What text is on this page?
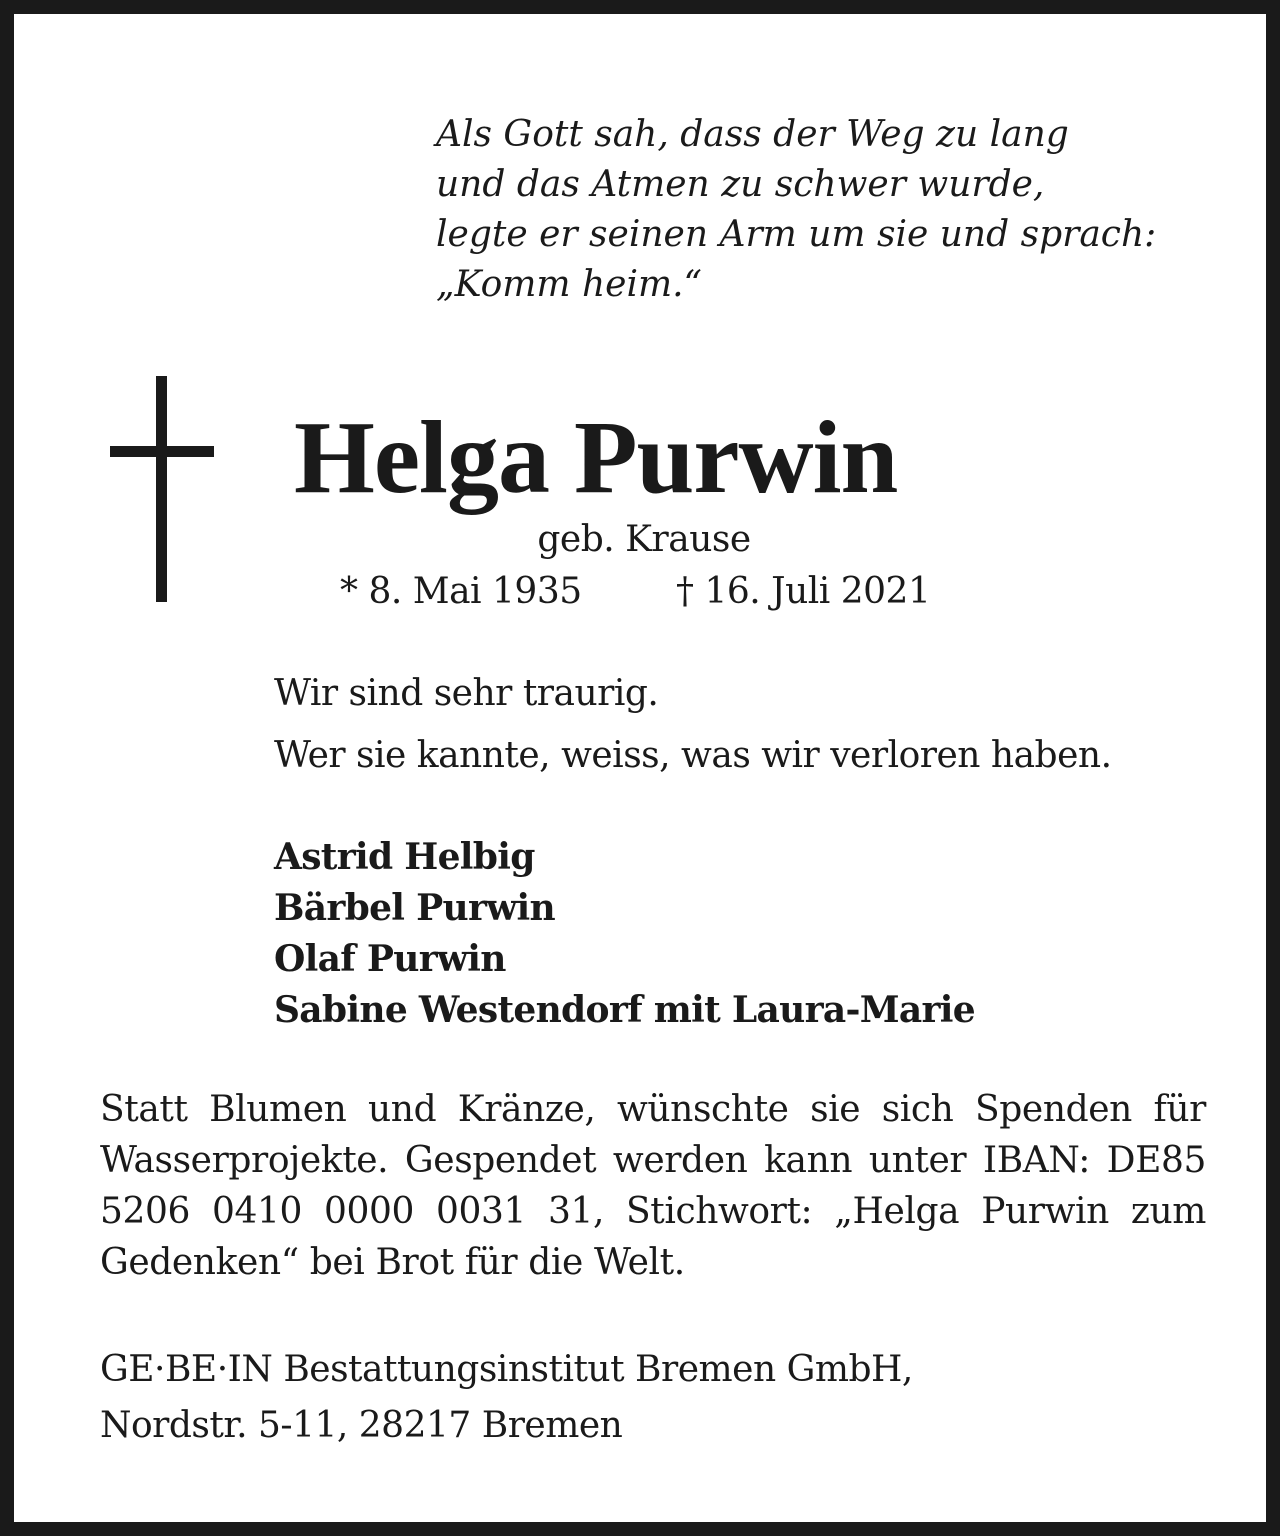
Als Gott sah, dass der Weg zu lang
und das Atmen zu schwer wurde,
legte er seinen Arm um sie und sprach:
„Komm heim.“
Helga Purwin
geb. Krause
* 8. Mai 1935	† 16. Juli 2021
Wir sind sehr traurig.
Wer sie kannte, weiss, was wir verloren haben.
Astrid Helbig
Bärbel Purwin
Olaf Purwin
Sabine Westendorf mit Laura-Marie
Statt Blumen und Kränze, wünschte sie sich Spenden für Wasserprojekte. Gespendet werden kann unter IBAN: DE85 5206 0410 0000 0031 31, Stichwort: „Helga Purwin zum Gedenken“ bei Brot für die Welt.
GE·BE·IN Bestattungsinstitut Bremen GmbH,
Nordstr. 5-11, 28217 Bremen
